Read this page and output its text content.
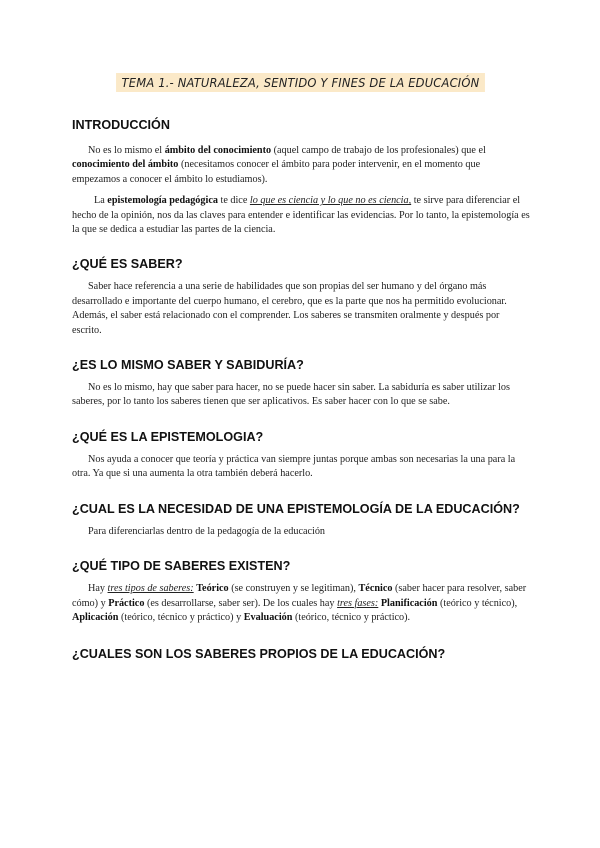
TEMA 1.- NATURALEZA, SENTIDO Y FINES DE LA EDUCACIÓN
INTRODUCCIÓN

No es lo mismo el ámbito del conocimiento (aquel campo de trabajo de los profesionales) que el conocimiento del ámbito (necesitamos conocer el ámbito para poder intervenir, en el momento que empezamos a conocer el ámbito lo estudiamos).

La epistemología pedagógica te dice lo que es ciencia y lo que no es ciencia, te sirve para diferenciar el hecho de la opinión, nos da las claves para entender e identificar las evidencias. Por lo tanto, la epistemología es la que se dedica a estudiar las partes de la ciencia.

¿QUÉ ES SABER?

Saber hace referencia a una serie de habilidades que son propias del ser humano y del órgano más desarrollado e importante del cuerpo humano, el cerebro, que es la parte que nos ha permitido evolucionar. Además, el saber está relacionado con el comprender. Los saberes se transmiten oralmente y después por escrito.

¿ES LO MISMO SABER Y SABIDURÍA?

No es lo mismo, hay que saber para hacer, no se puede hacer sin saber. La sabiduría es saber utilizar los saberes, por lo tanto los saberes tienen que ser aplicativos. Es saber hacer con lo que se sabe.

¿QUÉ ES LA EPISTEMOLOGIA?

Nos ayuda a conocer que teoría y práctica van siempre juntas porque ambas son necesarias la una para la otra. Ya que si una aumenta la otra también deberá hacerlo.

¿CUAL ES LA NECESIDAD DE UNA EPISTEMOLOGÍA DE LA EDUCACIÓN?

Para diferenciarlas dentro de la pedagogía de la educación

¿QUÉ TIPO DE SABERES EXISTEN?

Hay tres tipos de saberes: Teórico (se construyen y se legitiman), Técnico (saber hacer para resolver, saber cómo) y Práctico (es desarrollarse, saber ser). De los cuales hay tres fases: Planificación (teórico y técnico), Aplicación (teórico, técnico y práctico) y Evaluación (teórico, técnico y práctico).

¿CUALES SON LOS SABERES PROPIOS DE LA EDUCACIÓN?
